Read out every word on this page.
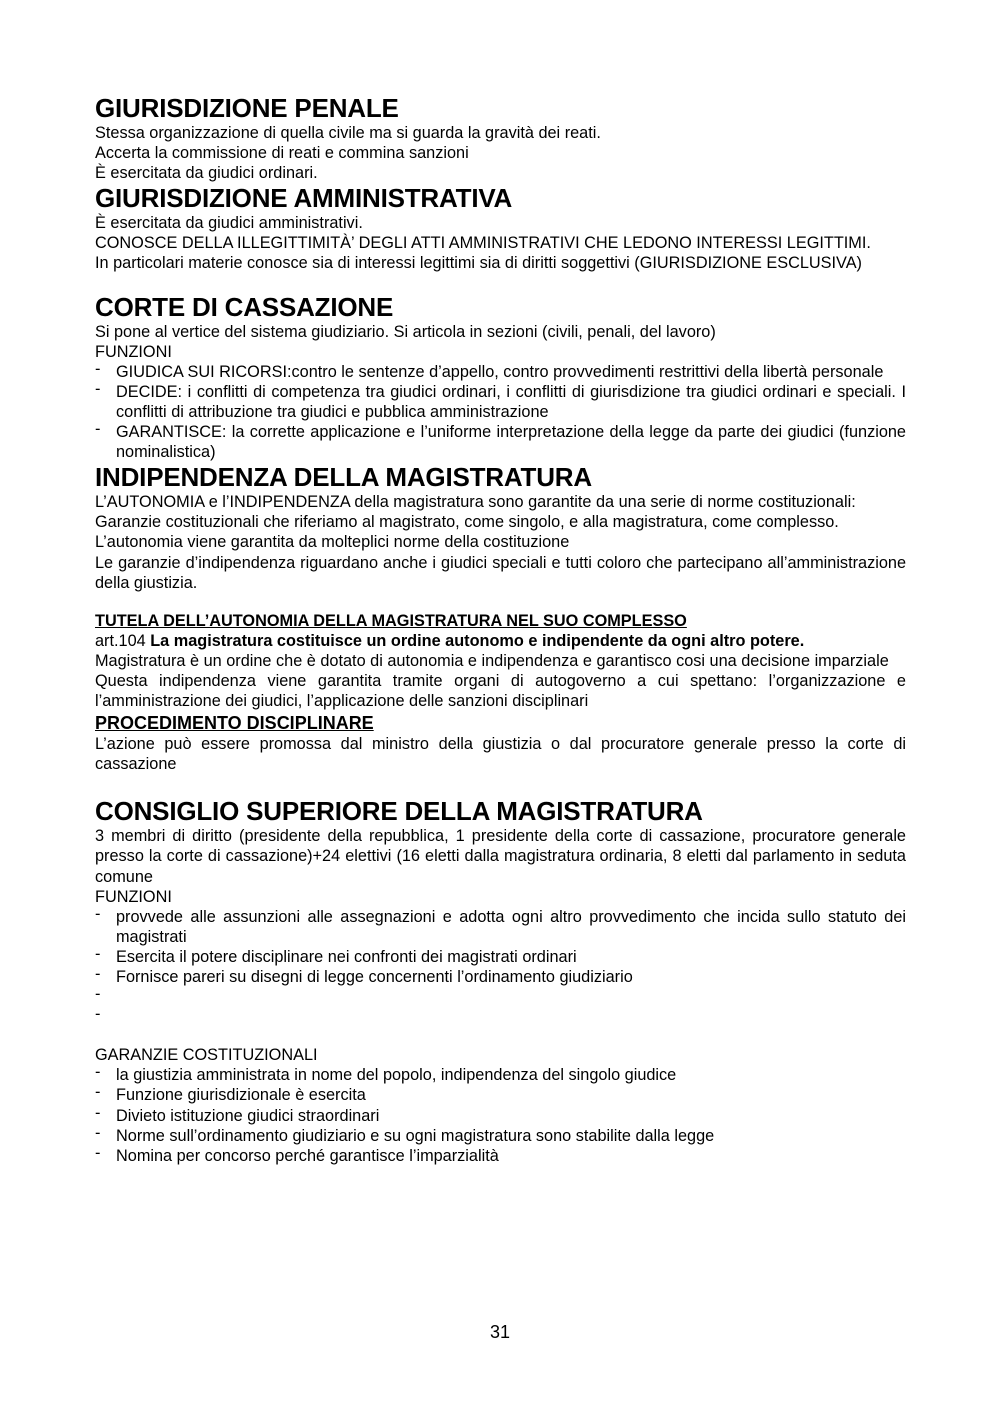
GIURISDIZIONE PENALE

Stessa organizzazione di quella civile ma si guarda la gravità dei reati.

Accerta la commissione di reati e commina sanzioni

È esercitata da giudici ordinari.

GIURISDIZIONE AMMINISTRATIVA

È esercitata da giudici amministrativi.

CONOSCE DELLA ILLEGITTIMITÀ’ DEGLI ATTI AMMINISTRATIVI CHE LEDONO INTERESSI LEGITTIMI.

In particolari materie conosce sia di interessi legittimi sia di diritti soggettivi (GIURISDIZIONE ESCLUSIVA)

CORTE DI CASSAZIONE

Si pone al vertice del sistema giudiziario. Si articola in sezioni (civili, penali, del lavoro)

FUNZIONI

- GIUDICA SUI RICORSI:contro le sentenze d’appello, contro provvedimenti restrittivi della libertà personale
- DECIDE: i conflitti di competenza tra giudici ordinari, i conflitti di giurisdizione tra giudici ordinari e speciali. I conflitti di attribuzione tra giudici e pubblica amministrazione
- GARANTISCE: la corrette applicazione e l’uniforme interpretazione della legge da parte dei giudici (funzione nominalistica)
INDIPENDENZA DELLA MAGISTRATURA

L’AUTONOMIA e l’INDIPENDENZA della magistratura sono garantite da una serie di norme costituzionali:

Garanzie costituzionali che riferiamo al magistrato, come singolo, e alla magistratura, come complesso.

L’autonomia viene garantita da molteplici norme della costituzione

Le garanzie d’indipendenza riguardano anche i giudici speciali e tutti coloro che partecipano all’amministrazione della giustizia.

TUTELA DELL’AUTONOMIA DELLA MAGISTRATURA NEL SUO COMPLESSO

art.104 La magistratura costituisce un ordine autonomo e indipendente da ogni altro potere.

Magistratura è un ordine che è dotato di autonomia e indipendenza e garantisco cosi una decisione imparziale

Questa indipendenza viene garantita tramite organi di autogoverno a cui spettano: l’organizzazione e l’amministrazione dei giudici, l’applicazione delle sanzioni disciplinari

PROCEDIMENTO DISCIPLINARE

L’azione può essere promossa dal ministro della giustizia o dal procuratore generale presso la corte di cassazione

CONSIGLIO SUPERIORE DELLA MAGISTRATURA

3 membri di diritto (presidente della repubblica, 1 presidente della corte di cassazione, procuratore generale presso la corte di cassazione)+24 elettivi (16 eletti dalla magistratura ordinaria, 8 eletti dal parlamento in seduta comune

FUNZIONI

- provvede alle assunzioni alle assegnazioni e adotta ogni altro provvedimento che incida sullo statuto dei magistrati
- Esercita il potere disciplinare nei confronti dei magistrati ordinari
- Fornisce pareri su disegni di legge concernenti l’ordinamento giudiziario
-
-

GARANZIE COSTITUZIONALI

- la giustizia amministrata in nome del popolo, indipendenza del singolo giudice
- Funzione giurisdizionale è esercita
- Divieto istituzione giudici straordinari
- Norme sull’ordinamento giudiziario e su ogni magistratura sono stabilite dalla legge
- Nomina per concorso perché garantisce l’imparzialità
31
